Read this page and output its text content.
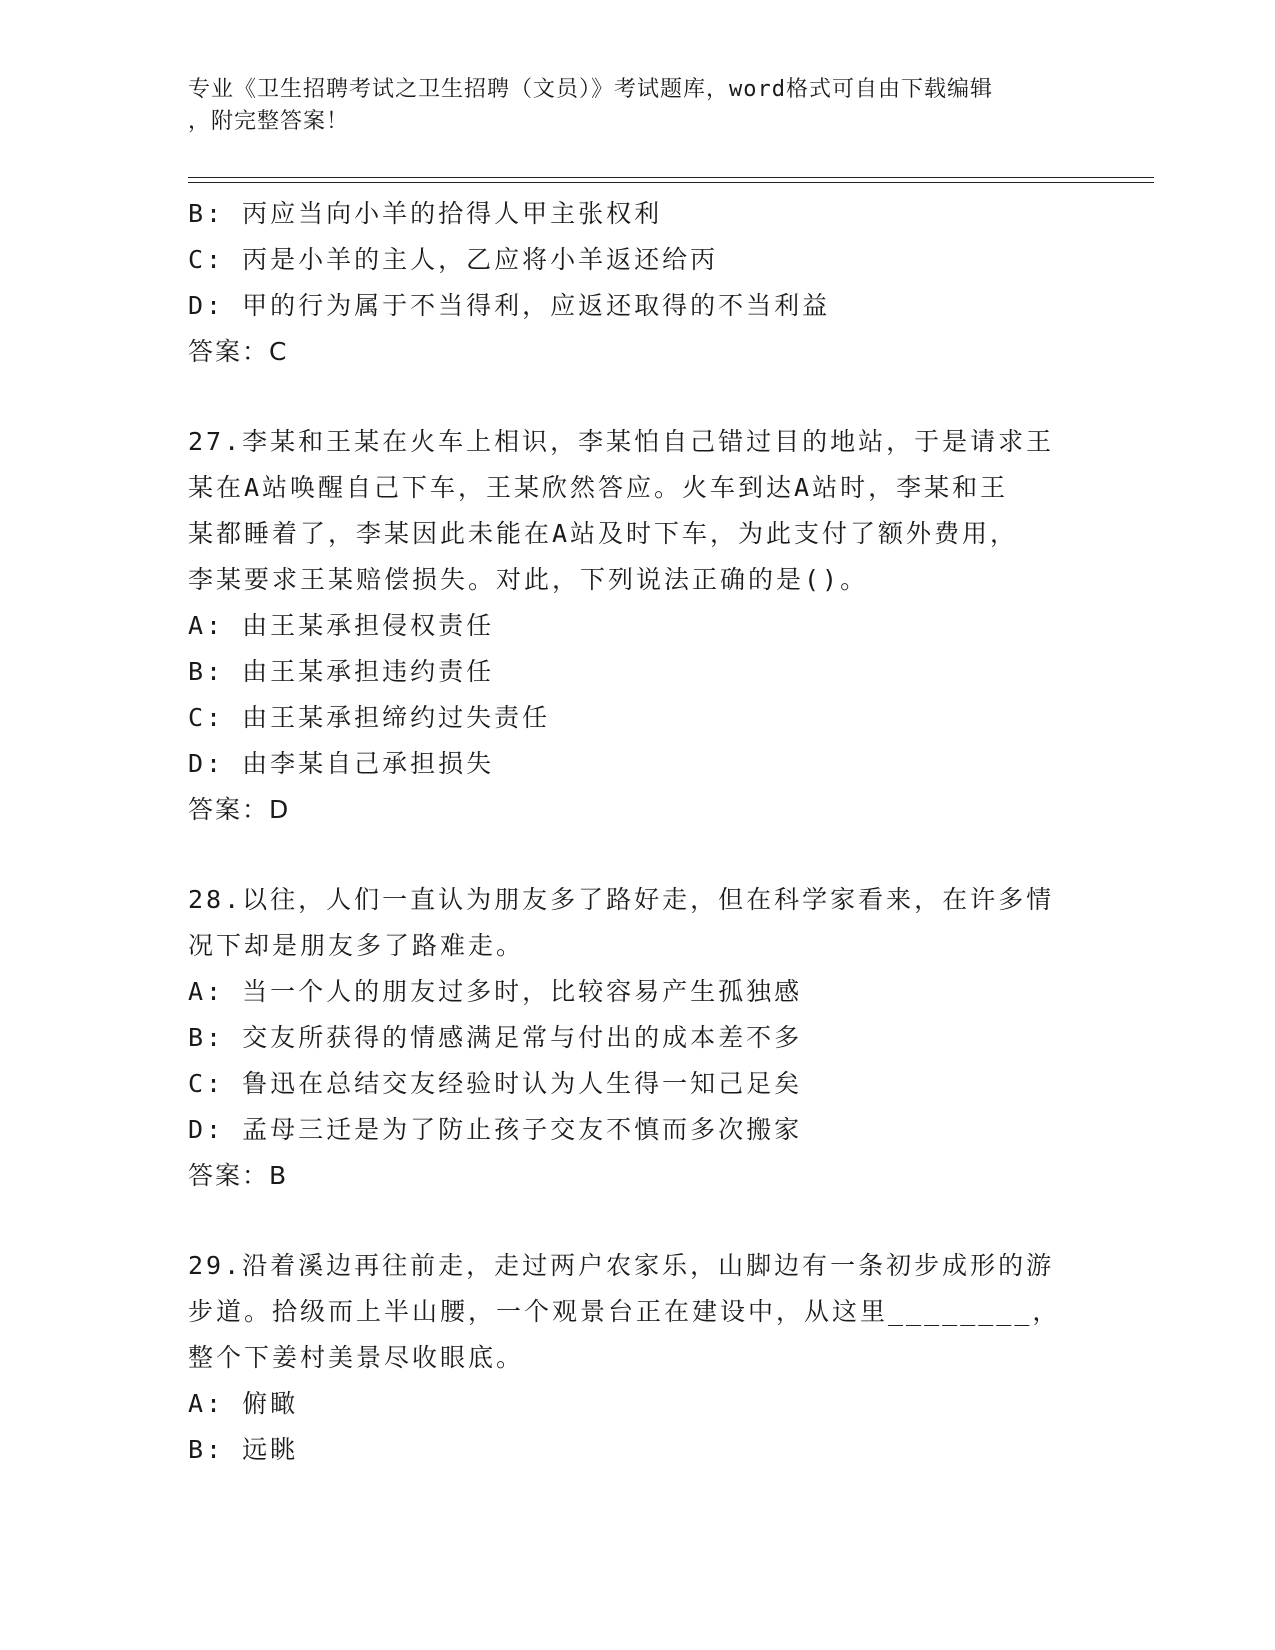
专业《卫生招聘考试之卫生招聘（文员）》考试题库，word格式可自由下载编辑
，附完整答案！
B: 丙应当向小羊的拾得人甲主张权利
C: 丙是小羊的主人，乙应将小羊返还给丙
D: 甲的行为属于不当得利，应返还取得的不当利益
答案：C
27.李某和王某在火车上相识，李某怕自己错过目的地站，于是请求王
某在A站唤醒自己下车，王某欣然答应。火车到达A站时，李某和王
某都睡着了，李某因此未能在A站及时下车，为此支付了额外费用，
李某要求王某赔偿损失。对此，下列说法正确的是()。
A: 由王某承担侵权责任
B: 由王某承担违约责任
C: 由王某承担缔约过失责任
D: 由李某自己承担损失
答案：D
28.以往，人们一直认为朋友多了路好走，但在科学家看来，在许多情
况下却是朋友多了路难走。
A: 当一个人的朋友过多时，比较容易产生孤独感
B: 交友所获得的情感满足常与付出的成本差不多
C: 鲁迅在总结交友经验时认为人生得一知己足矣
D: 孟母三迁是为了防止孩子交友不慎而多次搬家
答案：B
29.沿着溪边再往前走，走过两户农家乐，山脚边有一条初步成形的游
步道。拾级而上半山腰，一个观景台正在建设中，从这里________，
整个下姜村美景尽收眼底。
A: 俯瞰
B: 远眺
